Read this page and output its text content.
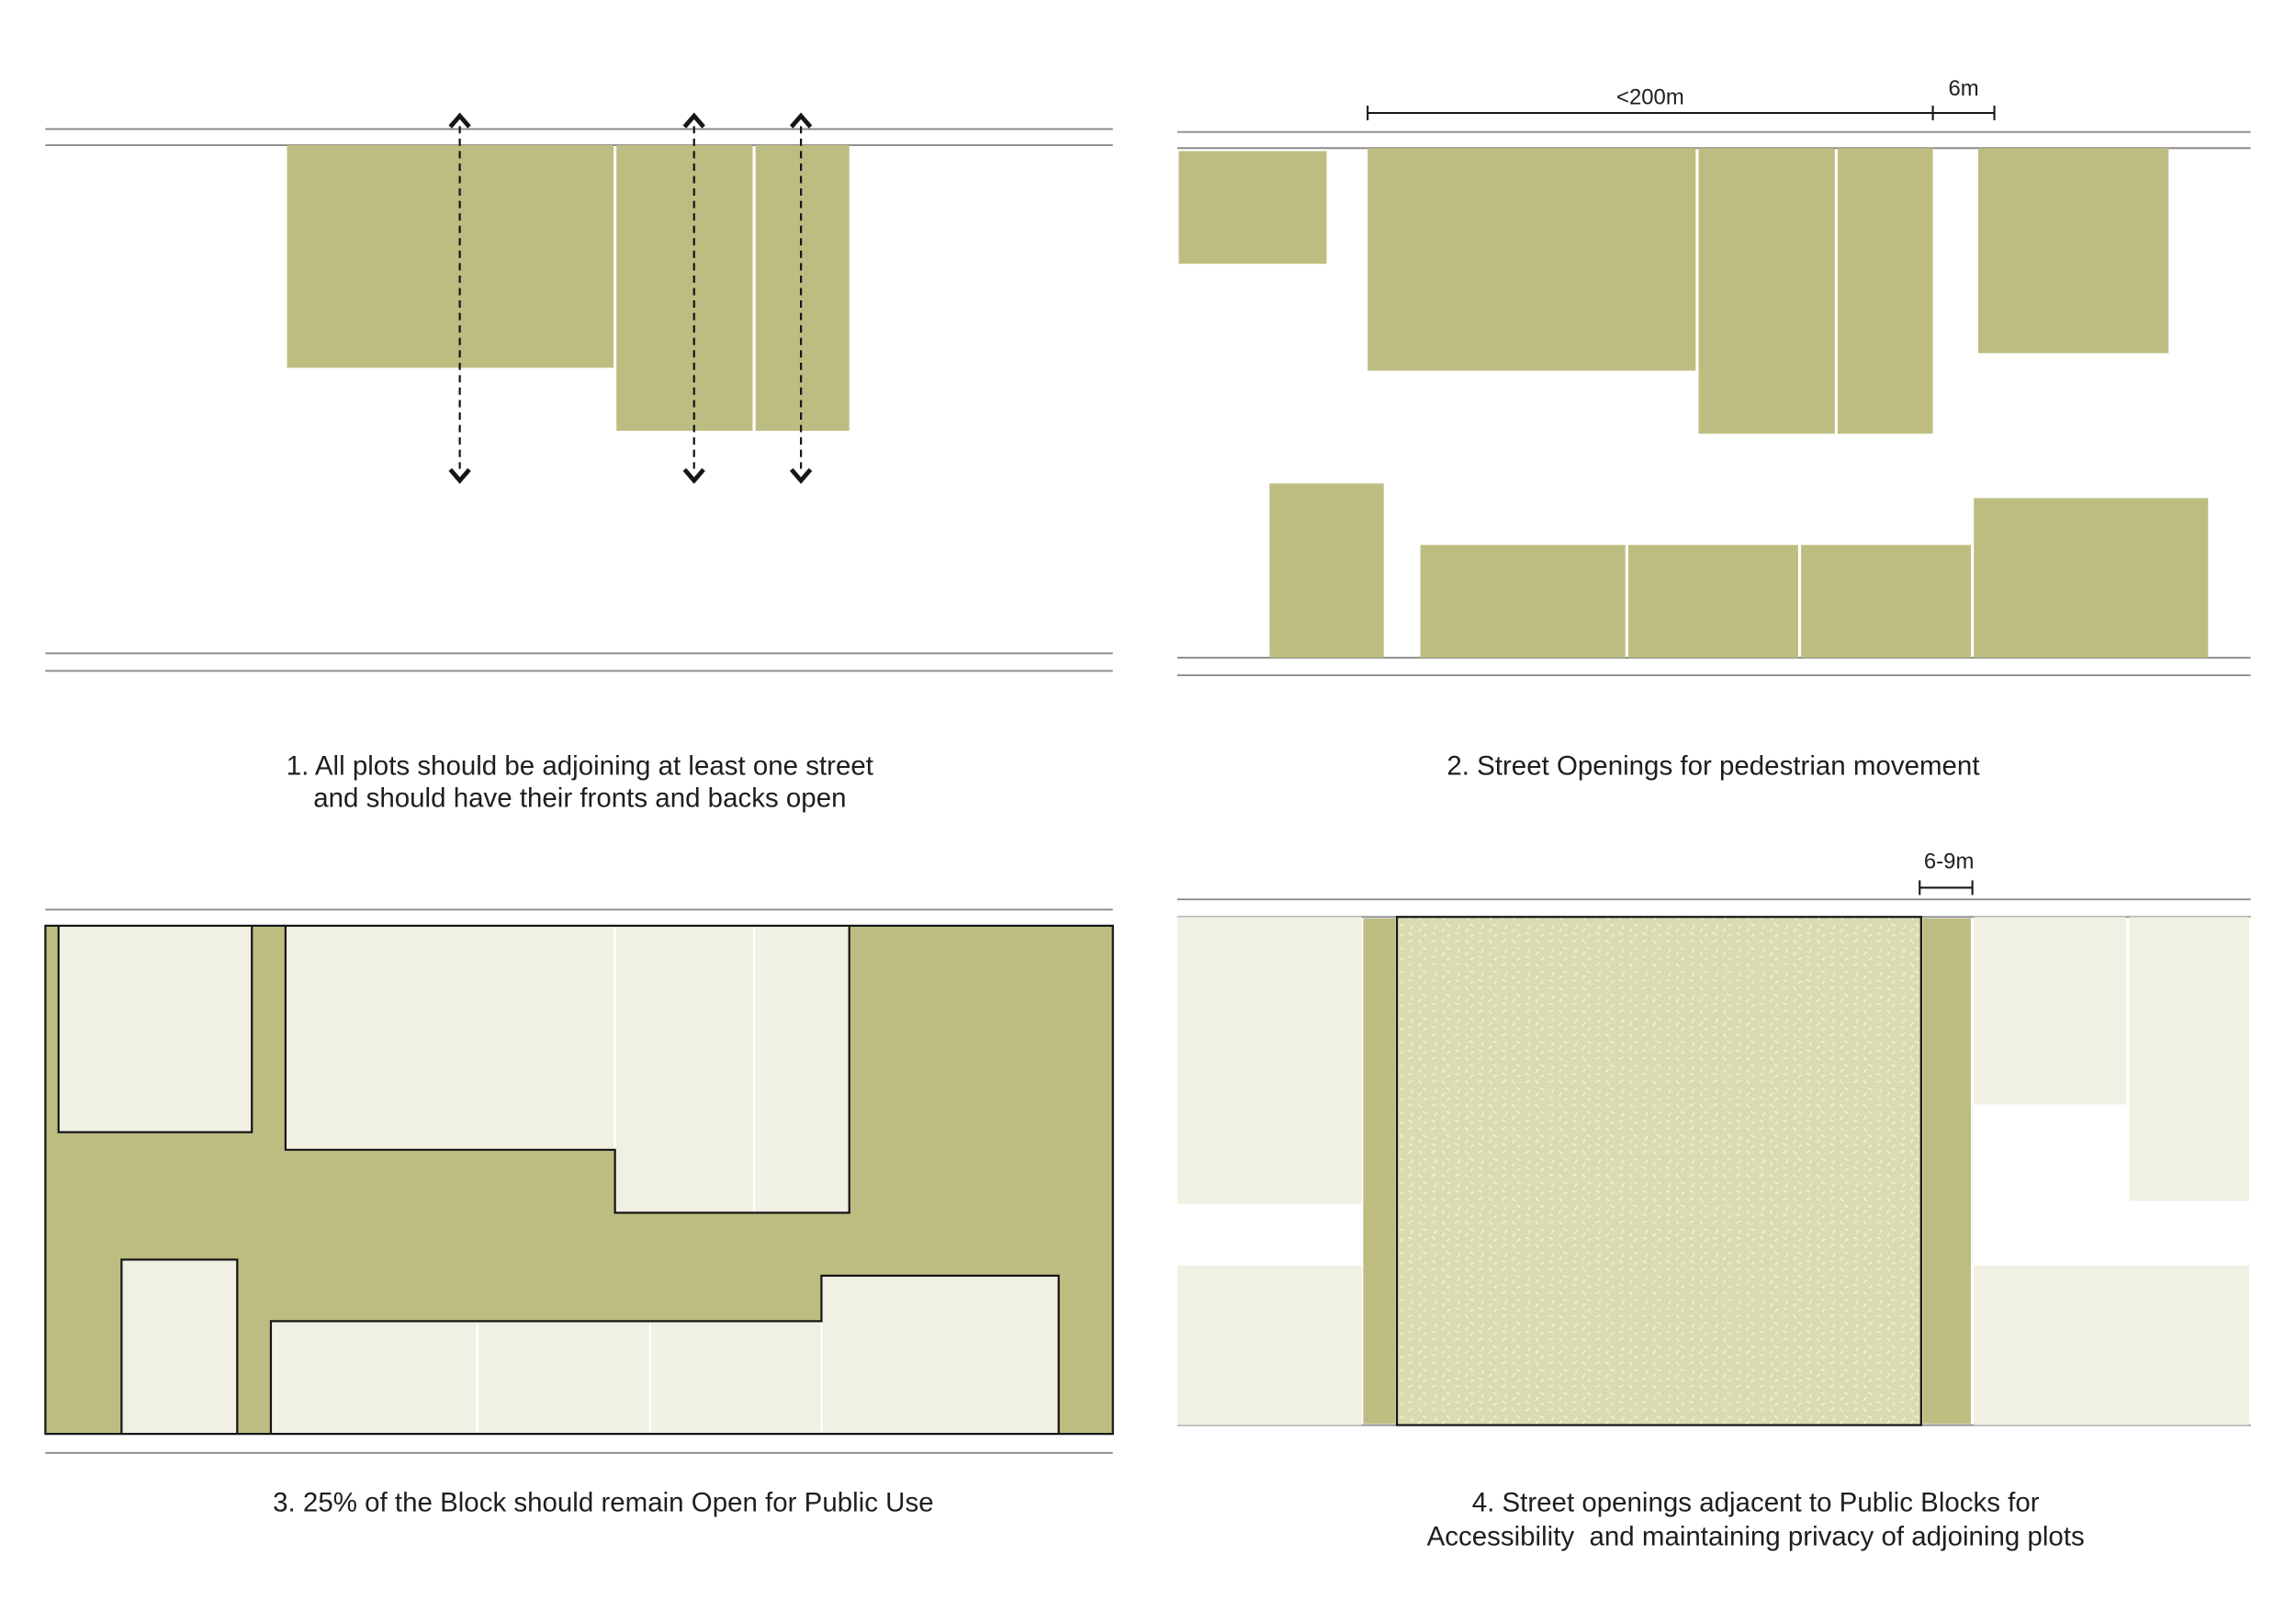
1. All plots should be adjoining at least one street
and should have their fronts and backs open
<200m	6m
2. Street Openings for pedestrian movement
3. 25% of the Block should remain Open for Public Use
6-9m
4. Street openings adjacent to Public Blocks for
Accessibility  and maintaining privacy of adjoining plots
